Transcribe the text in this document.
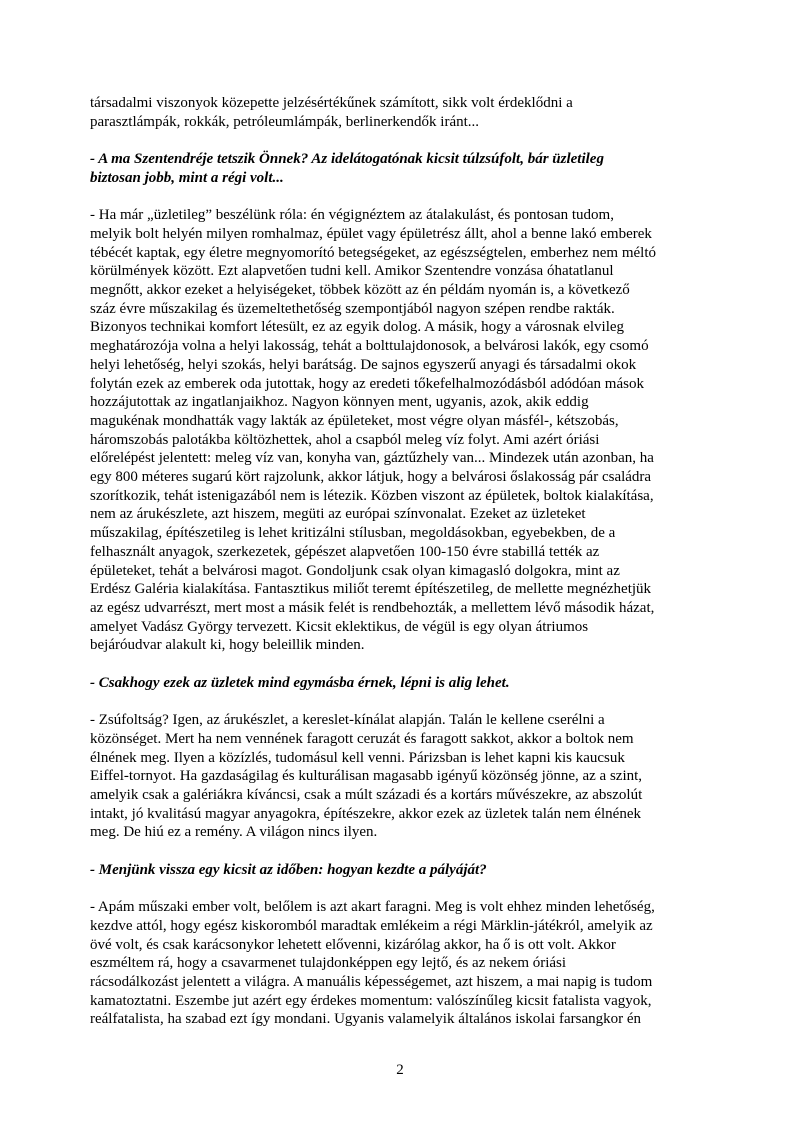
társadalmi viszonyok közepette jelzésértékűnek számított, sikk volt érdeklődni a
parasztlámpák, rokkák, petróleumlámpák, berlinerkendők iránt...
- A ma Szentendréje tetszik Önnek? Az idelátogatónak kicsit túlzsúfolt, bár üzletileg
biztosan jobb, mint a régi volt...
- Ha már „üzletileg” beszélünk róla: én végignéztem az átalakulást, és pontosan tudom,
melyik bolt helyén milyen romhalmaz, épület vagy épületrész állt, ahol a benne lakó emberek
tébécét kaptak, egy életre megnyomorító betegségeket, az egészségtelen, emberhez nem méltó
körülmények között. Ezt alapvetően tudni kell. Amikor Szentendre vonzása óhatatlanul
megnőtt, akkor ezeket a helyiségeket, többek között az én példám nyomán is, a következő
száz évre műszakilag és üzemeltethetőség szempontjából nagyon szépen rendbe rakták.
Bizonyos technikai komfort létesült, ez az egyik dolog. A másik, hogy a városnak elvileg
meghatározója volna a helyi lakosság, tehát a bolttulajdonosok, a belvárosi lakók, egy csomó
helyi lehetőség, helyi szokás, helyi barátság. De sajnos egyszerű anyagi és társadalmi okok
folytán ezek az emberek oda jutottak, hogy az eredeti tőkefelhalmozódásból adódóan mások
hozzájutottak az ingatlanjaikhoz. Nagyon könnyen ment, ugyanis, azok, akik eddig
magukénak mondhatták vagy lakták az épületeket, most végre olyan másfél-, kétszobás,
háromszobás palotákba költözhettek, ahol a csapból meleg víz folyt. Ami azért óriási
előrelépést jelentett: meleg víz van, konyha van, gáztűzhely van... Mindezek után azonban, ha
egy 800 méteres sugarú kört rajzolunk, akkor látjuk, hogy a belvárosi őslakosság pár családra
szorítkozik, tehát istenigazából nem is létezik. Közben viszont az épületek, boltok kialakítása,
nem az árukészlete, azt hiszem, megüti az európai színvonalat. Ezeket az üzleteket
műszakilag, építészetileg is lehet kritizálni stílusban, megoldásokban, egyebekben, de a
felhasznált anyagok, szerkezetek, gépészet alapvetően 100-150 évre stabillá tették az
épületeket, tehát a belvárosi magot. Gondoljunk csak olyan kimagasló dolgokra, mint az
Erdész Galéria kialakítása. Fantasztikus miliőt teremt építészetileg, de mellette megnézhetjük
az egész udvarrészt, mert most a másik felét is rendbehozták, a mellettem lévő második házat,
amelyet Vadász György tervezett. Kicsit eklektikus, de végül is egy olyan átriumos
bejáróudvar alakult ki, hogy beleillik minden.
- Csakhogy ezek az üzletek mind egymásba érnek, lépni is alig lehet.
- Zsúfoltság? Igen, az árukészlet, a kereslet-kínálat alapján. Talán le kellene cserélni a
közönséget. Mert ha nem vennének faragott ceruzát és faragott sakkot, akkor a boltok nem
élnének meg. Ilyen a közízlés, tudomásul kell venni. Párizsban is lehet kapni kis kaucsuk
Eiffel-tornyot. Ha gazdaságilag és kulturálisan magasabb igényű közönség jönne, az a szint,
amelyik csak a galériákra kíváncsi, csak a múlt századi és a kortárs művészekre, az abszolút
intakt, jó kvalitású magyar anyagokra, építészekre, akkor ezek az üzletek talán nem élnének
meg. De hiú ez a remény. A világon nincs ilyen.
- Menjünk vissza egy kicsit az időben: hogyan kezdte a pályáját?
- Apám műszaki ember volt, belőlem is azt akart faragni. Meg is volt ehhez minden lehetőség,
kezdve attól, hogy egész kiskoromból maradtak emlékeim a régi Märklin-játékról, amelyik az
övé volt, és csak karácsonykor lehetett elővenni, kizárólag akkor, ha ő is ott volt. Akkor
eszméltem rá, hogy a csavarmenet tulajdonképpen egy lejtő, és az nekem óriási
rácsodálkozást jelentett a világra. A manuális képességemet, azt hiszem, a mai napig is tudom
kamatoztatni. Eszembe jut azért egy érdekes momentum: valószínűleg kicsit fatalista vagyok,
reálfatalista, ha szabad ezt így mondani. Ugyanis valamelyik általános iskolai farsangkor én
2
